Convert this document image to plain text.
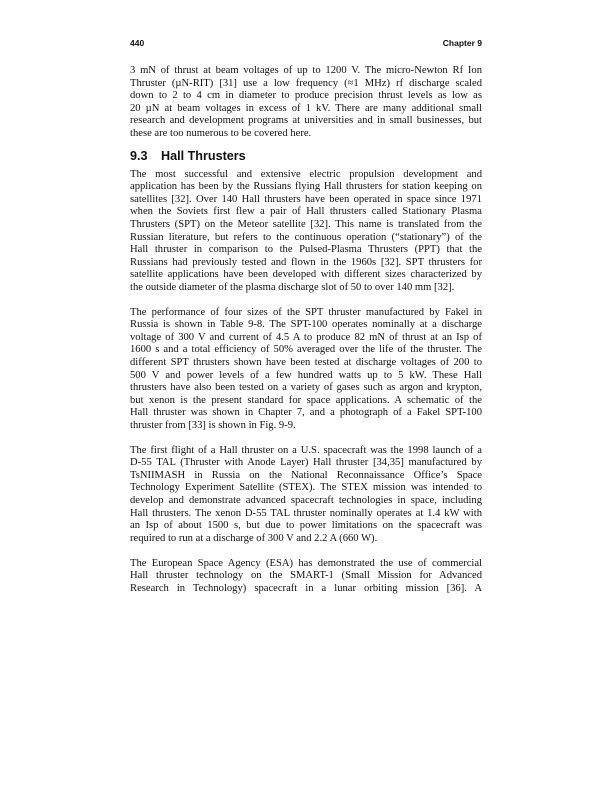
440	Chapter 9

3 mN of thrust at beam voltages of up to 1200 V. The micro-Newton Rf Ion
Thruster (µN-RIT) [31] use a low frequency (≈1 MHz) rf discharge scaled
down to 2 to 4 cm in diameter to produce precision thrust levels as low as
20 µN at beam voltages in excess of 1 kV. There are many additional small
research and development programs at universities and in small businesses, but
these are too numerous to be covered here.

9.3 Hall Thrusters

The most successful and extensive electric propulsion development and
application has been by the Russians flying Hall thrusters for station keeping on
satellites [32]. Over 140 Hall thrusters have been operated in space since 1971
when the Soviets first flew a pair of Hall thrusters called Stationary Plasma
Thrusters (SPT) on the Meteor satellite [32]. This name is translated from the
Russian literature, but refers to the continuous operation (“stationary”) of the
Hall thruster in comparison to the Pulsed-Plasma Thrusters (PPT) that the
Russians had previously tested and flown in the 1960s [32]. SPT thrusters for
satellite applications have been developed with different sizes characterized by
the outside diameter of the plasma discharge slot of 50 to over 140 mm [32].

The performance of four sizes of the SPT thruster manufactured by Fakel in
Russia is shown in Table 9-8. The SPT-100 operates nominally at a discharge
voltage of 300 V and current of 4.5 A to produce 82 mN of thrust at an Isp of
1600 s and a total efficiency of 50% averaged over the life of the thruster. The
different SPT thrusters shown have been tested at discharge voltages of 200 to
500 V and power levels of a few hundred watts up to 5 kW. These Hall
thrusters have also been tested on a variety of gases such as argon and krypton,
but xenon is the present standard for space applications. A schematic of the
Hall thruster was shown in Chapter 7, and a photograph of a Fakel SPT-100
thruster from [33] is shown in Fig. 9-9.

The first flight of a Hall thruster on a U.S. spacecraft was the 1998 launch of a
D-55 TAL (Thruster with Anode Layer) Hall thruster [34,35] manufactured by
TsNIIMASH in Russia on the National Reconnaissance Office’s Space
Technology Experiment Satellite (STEX). The STEX mission was intended to
develop and demonstrate advanced spacecraft technologies in space, including
Hall thrusters. The xenon D-55 TAL thruster nominally operates at 1.4 kW with
an Isp of about 1500 s, but due to power limitations on the spacecraft was
required to run at a discharge of 300 V and 2.2 A (660 W).

The European Space Agency (ESA) has demonstrated the use of commercial
Hall thruster technology on the SMART-1 (Small Mission for Advanced
Research in Technology) spacecraft in a lunar orbiting mission [36]. A
